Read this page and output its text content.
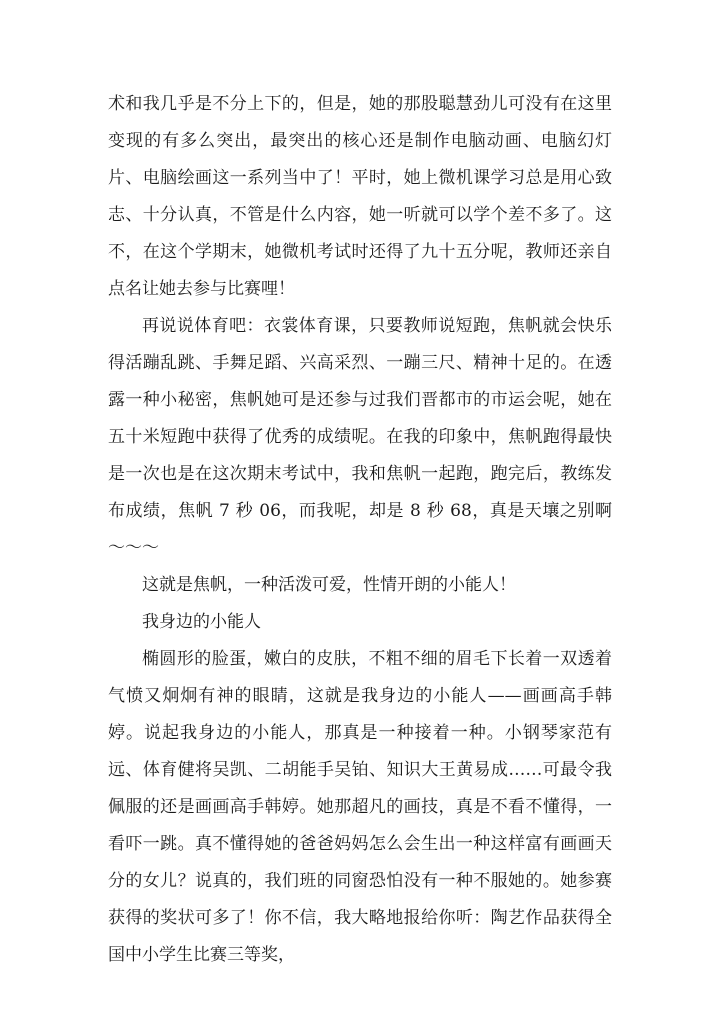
术和我几乎是不分上下的，但是，她的那股聪慧劲儿可没有在这里变现的有多么突出，最突出的核心还是制作电脑动画、电脑幻灯片、电脑绘画这一系列当中了！平时，她上微机课学习总是用心致志、十分认真，不管是什么内容，她一听就可以学个差不多了。这不，在这个学期末，她微机考试时还得了九十五分呢，教师还亲自点名让她去参与比赛哩！

再说说体育吧：衣裳体育课，只要教师说短跑，焦帆就会快乐得活蹦乱跳、手舞足蹈、兴高采烈、一蹦三尺、精神十足的。在透露一种小秘密，焦帆她可是还参与过我们晋都市的市运会呢，她在五十米短跑中获得了优秀的成绩呢。在我的印象中，焦帆跑得最快是一次也是在这次期末考试中，我和焦帆一起跑，跑完后，教练发布成绩，焦帆 7 秒 06，而我呢，却是 8 秒 68，真是天壤之别啊～～～

这就是焦帆，一种活泼可爱，性情开朗的小能人！

我身边的小能人

椭圆形的脸蛋，嫩白的皮肤，不粗不细的眉毛下长着一双透着气愤又炯炯有神的眼睛，这就是我身边的小能人——画画高手韩婷。说起我身边的小能人，那真是一种接着一种。小钢琴家范有远、体育健将吴凯、二胡能手吴铂、知识大王黄易成……可最令我佩服的还是画画高手韩婷。她那超凡的画技，真是不看不懂得，一看吓一跳。真不懂得她的爸爸妈妈怎么会生出一种这样富有画画天分的女儿？说真的，我们班的同窗恐怕没有一种不服她的。她参赛获得的奖状可多了！你不信，我大略地报给你听：陶艺作品获得全国中小学生比赛三等奖，
